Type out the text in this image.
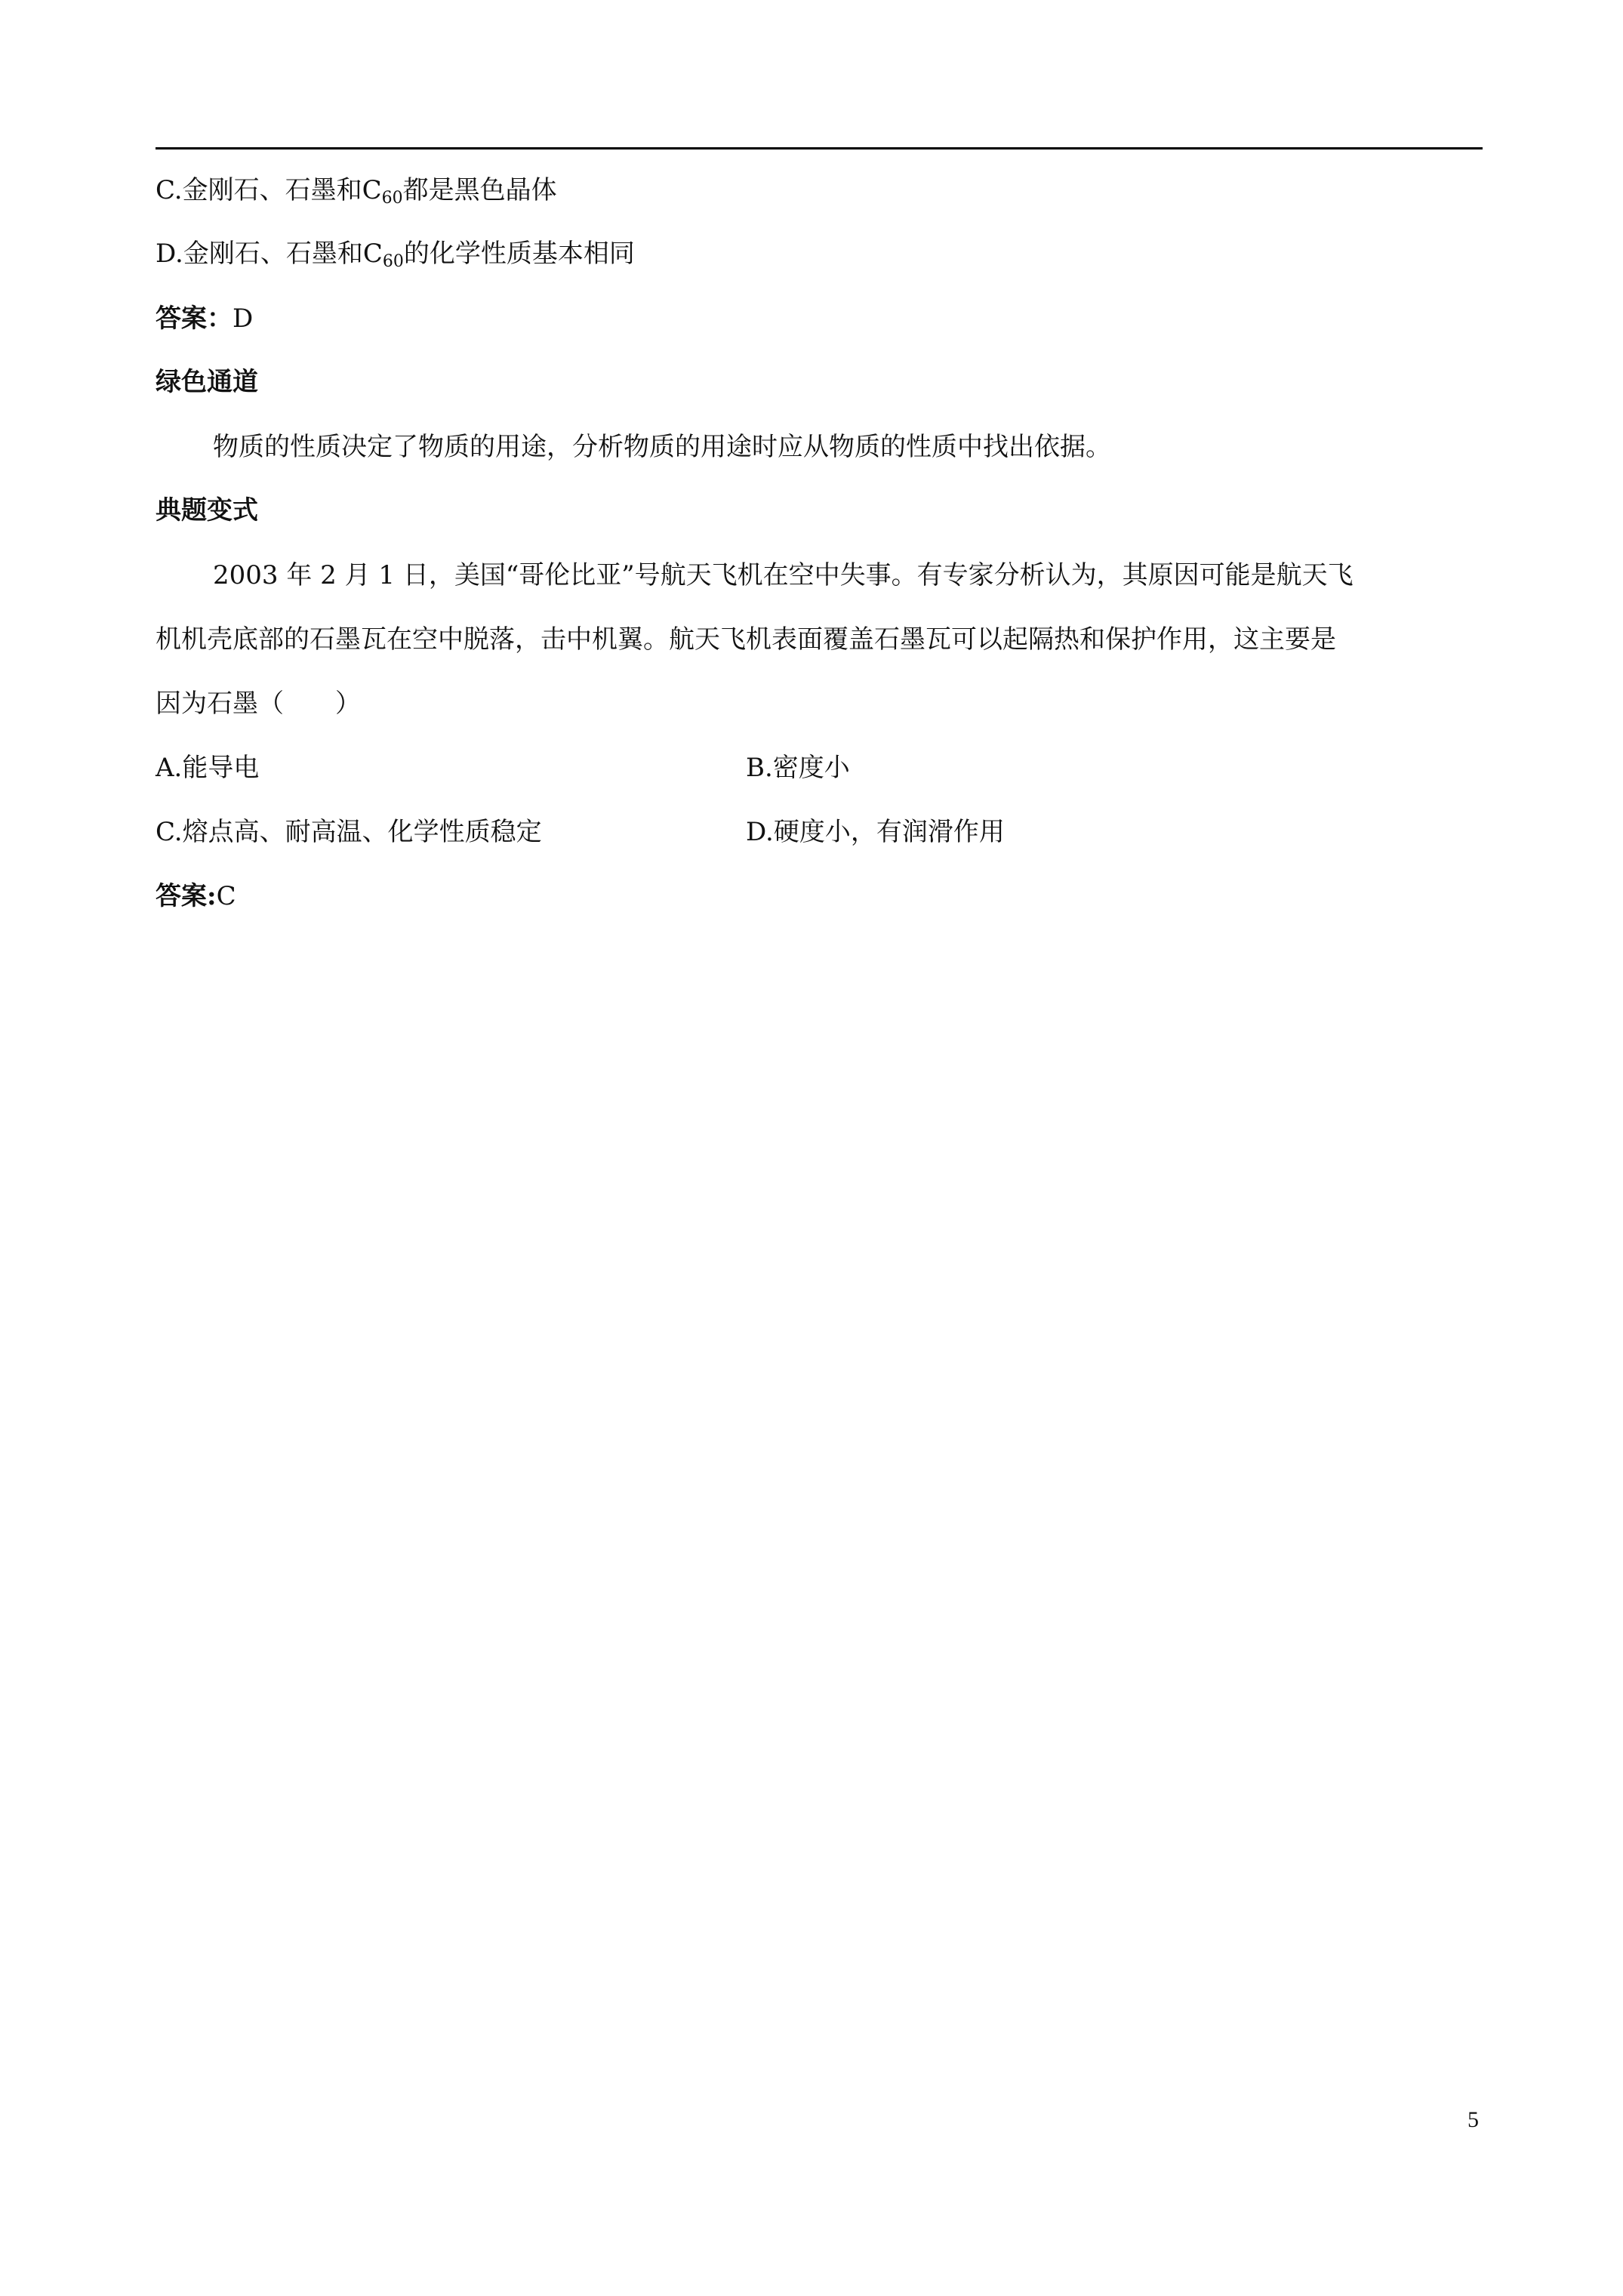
C.金刚石、石墨和$C_{60}$都是黑色晶体
D.金刚石、石墨和$C_{60}$的化学性质基本相同
答案：D
绿色通道
物质的性质决定了物质的用途，分析物质的用途时应从物质的性质中找出依据。
典题变式
2003 年 2 月 1 日，美国“哥伦比亚”号航天飞机在空中失事。有专家分析认为，其原因可能是航天飞
机机壳底部的石墨瓦在空中脱落，击中机翼。航天飞机表面覆盖石墨瓦可以起隔热和保护作用，这主要是
因为石墨（　　）
A.能导电	B.密度小
C.熔点高、耐高温、化学性质稳定	D.硬度小，有润滑作用
答案:C
5
